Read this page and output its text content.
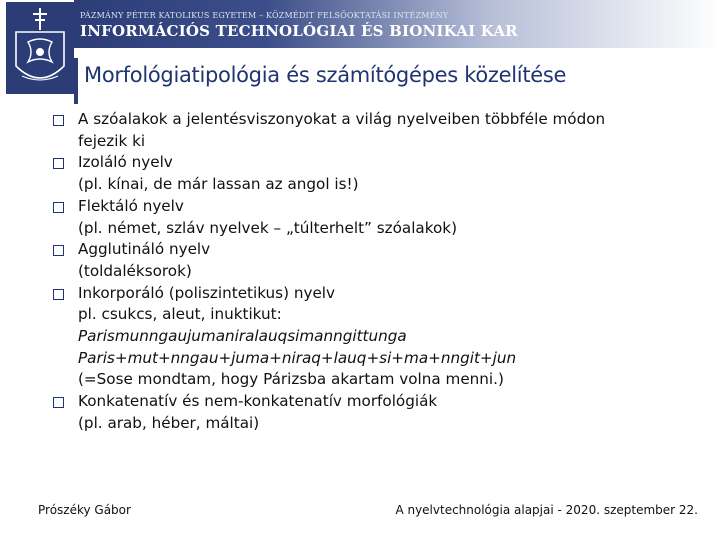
PÁZMÁNY PÉTER KATOLIKUS EGYETEM – KÖZMÉDIT FELSŐOKTATÁSI INTÉZMÉNY
INFORMÁCIÓS TECHNOLÓGIAI ÉS BIONIKAI KAR
Morfológiatipológia és számítógépes közelítése
A szóalakok a jelentésviszonyokat a világ nyelveiben többféle módon
fejezik ki
Izoláló nyelv
(pl. kínai, de már lassan az angol is!)
Flektáló nyelv
(pl. német, szláv nyelvek – „túlterhelt” szóalakok)
Agglutináló nyelv
(toldaléksorok)
Inkorporáló (poliszintetikus) nyelv
pl. csukcs, aleut, inuktikut:
Parismunngaujumaniralauqsimanngittunga
Paris+mut+nngau+juma+niraq+lauq+si+ma+nngit+jun
(=Sose mondtam, hogy Párizsba akartam volna menni.)
Konkatenatív és nem-konkatenatív morfológiák
(pl. arab, héber, máltai)
Prószéky Gábor	A nyelvtechnológia alapjai - 2020. szeptember 22.
